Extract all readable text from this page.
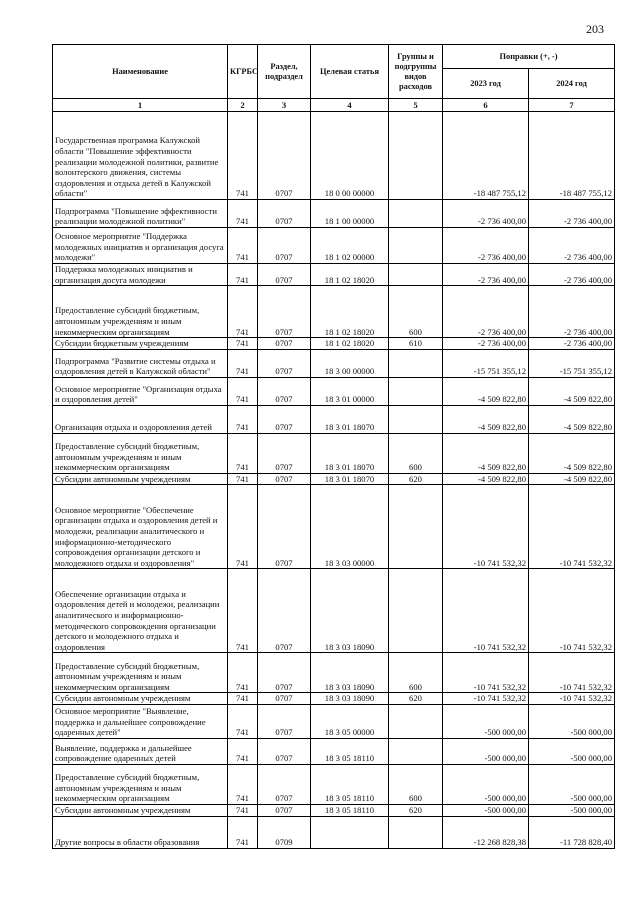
203
Наименование	КГРБС	Раздел, подраздел	Целевая статья	Группы и подгруппы видов расходов	Поправки (+, -)	
					2023 год	2024 год
1	2	3	4	5	6	7
Государственная программа Калужской области "Повышение эффективности реализации молодежной политики, развитие волонтерского движения, системы оздоровления и отдыха детей в Калужской области"	741	0707	18 0 00 00000		-18 487 755,12	-18 487 755,12
Подпрограмма "Повышение эффективности реализации молодежной политики"	741	0707	18 1 00 00000		-2 736 400,00	-2 736 400,00
Основное мероприятие "Поддержка молодежных инициатив и организация досуга молодежи"	741	0707	18 1 02 00000		-2 736 400,00	-2 736 400,00
Поддержка молодежных инициатив и организация досуга молодежи	741	0707	18 1 02 18020		-2 736 400,00	-2 736 400,00
Предоставление субсидий бюджетным, автономным учреждениям и иным некоммерческим организациям	741	0707	18 1 02 18020	600	-2 736 400,00	-2 736 400,00
Субсидии бюджетным учреждениям	741	0707	18 1 02 18020	610	-2 736 400,00	-2 736 400,00
Подпрограмма "Развитие системы отдыха и оздоровления детей в Калужской области"	741	0707	18 3 00 00000		-15 751 355,12	-15 751 355,12
Основное мероприятие "Организация отдыха и оздоровления детей"	741	0707	18 3 01 00000		-4 509 822,80	-4 509 822,80
Организация отдыха и оздоровления детей	741	0707	18 3 01 18070		-4 509 822,80	-4 509 822,80
Предоставление субсидий бюджетным, автономным учреждениям и иным некоммерческим организациям	741	0707	18 3 01 18070	600	-4 509 822,80	-4 509 822,80
Субсидии автономным учреждениям	741	0707	18 3 01 18070	620	-4 509 822,80	-4 509 822,80
Основное мероприятие "Обеспечение организации отдыха и оздоровления детей и молодежи, реализации аналитического и информационно-методического сопровождения организации детского и молодежного отдыха и оздоровления"	741	0707	18 3 03 00000		-10 741 532,32	-10 741 532,32
Обеспечение организации отдыха и оздоровления детей и молодежи, реализации аналитического и информационно-методического сопровождения организации детского и молодежного отдыха и оздоровления	741	0707	18 3 03 18090		-10 741 532,32	-10 741 532,32
Предоставление субсидий бюджетным, автономным учреждениям и иным некоммерческим организациям	741	0707	18 3 03 18090	600	-10 741 532,32	-10 741 532,32
Субсидии автономным учреждениям	741	0707	18 3 03 18090	620	-10 741 532,32	-10 741 532,32
Основное мероприятие "Выявление, поддержка и дальнейшее сопровождение одаренных детей"	741	0707	18 3 05 00000		-500 000,00	-500 000,00
Выявление, поддержка и дальнейшее сопровождение одаренных детей	741	0707	18 3 05 18110		-500 000,00	-500 000,00
Предоставление субсидий бюджетным, автономным учреждениям и иным некоммерческим организациям	741	0707	18 3 05 18110	600	-500 000,00	-500 000,00
Субсидии автономным учреждениям	741	0707	18 3 05 18110	620	-500 000,00	-500 000,00
Другие вопросы в области образования	741	0709			-12 268 828,38	-11 728 828,40
